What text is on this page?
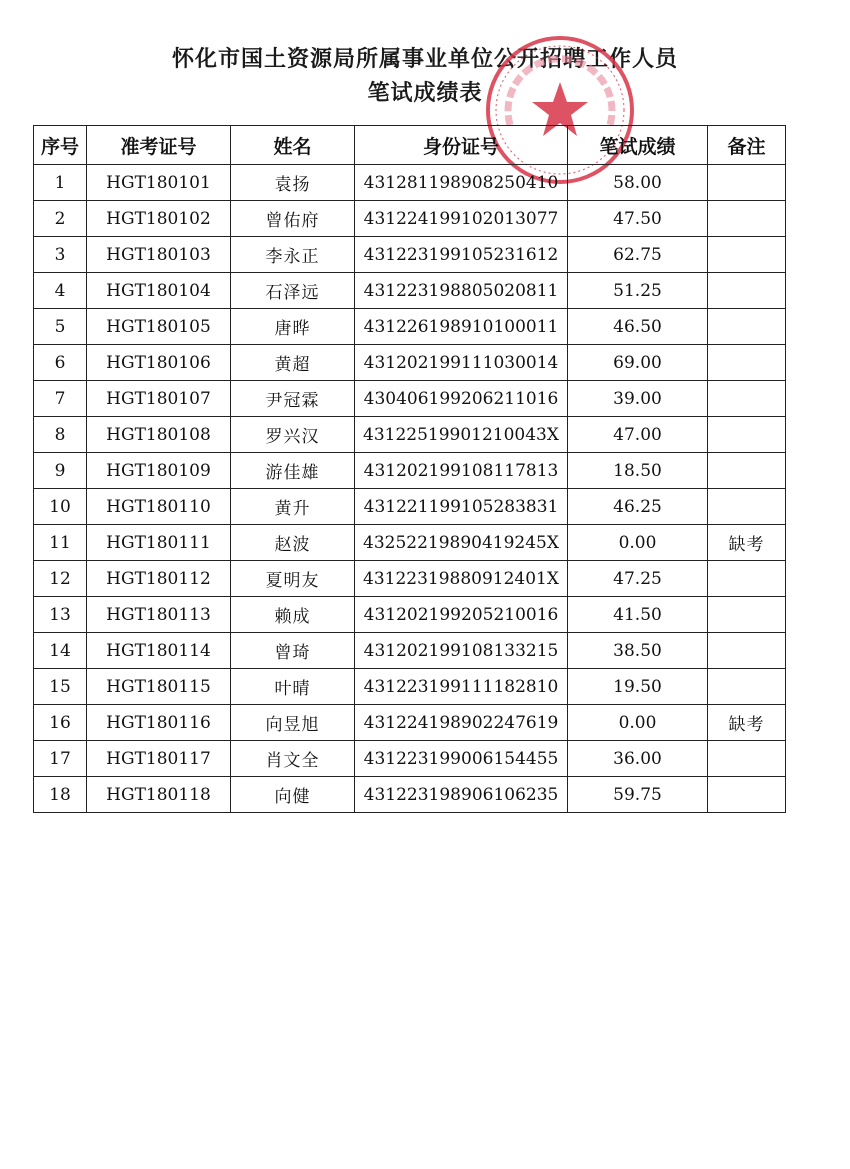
怀化市国土资源局所属事业单位公开招聘工作人员
笔试成绩表
序号	准考证号	姓名	身份证号	笔试成绩	备注
1	HGT180101	袁扬	431281198908250410	58.00	
2	HGT180102	曾佑府	431224199102013077	47.50	
3	HGT180103	李永正	431223199105231612	62.75	
4	HGT180104	石泽远	431223198805020811	51.25	
5	HGT180105	唐晔	431226198910100011	46.50	
6	HGT180106	黄超	431202199111030014	69.00	
7	HGT180107	尹冠霖	430406199206211016	39.00	
8	HGT180108	罗兴汉	43122519901210043X	47.00	
9	HGT180109	游佳雄	431202199108117813	18.50	
10	HGT180110	黄升	431221199105283831	46.25	
11	HGT180111	赵波	43252219890419245X	0.00	缺考
12	HGT180112	夏明友	43122319880912401X	47.25	
13	HGT180113	赖成	431202199205210016	41.50	
14	HGT180114	曾琦	431202199108133215	38.50	
15	HGT180115	叶晴	431223199111182810	19.50	
16	HGT180116	向昱旭	431224198902247619	0.00	缺考
17	HGT180117	肖文全	431223199006154455	36.00	
18	HGT180118	向健	431223198906106235	59.75	
